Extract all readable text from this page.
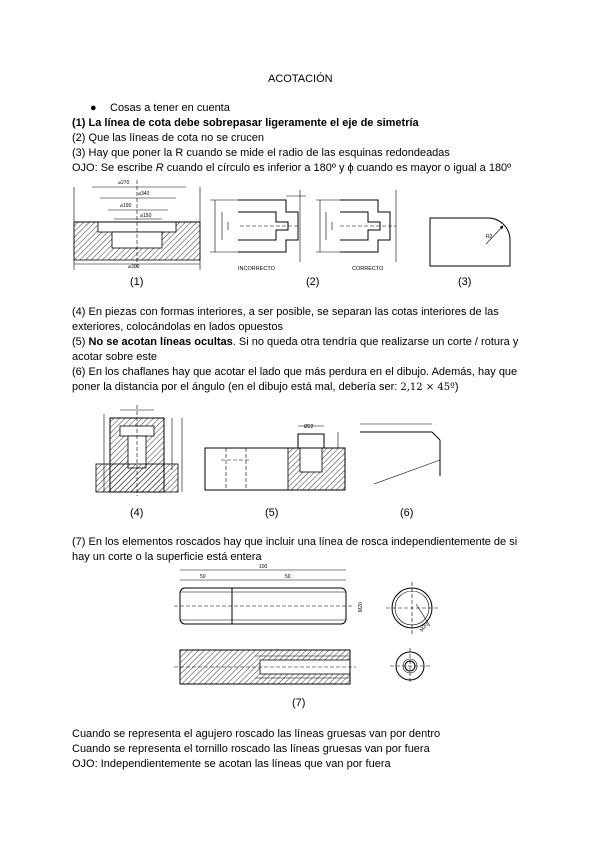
ACOTACIÓN
● Cosas a tener en cuenta
(1) La línea de cota debe sobrepasar ligeramente el eje de simetría
(2) Que las líneas de cota no se crucen
(3) Hay que poner la R cuando se mide el radio de las esquinas redondeadas
OJO: Se escribe R cuando el círculo es inferior a 180º y ϕ cuando es mayor o igual a 180º
⌀270
⌀340
⌀190
⌀150
⌀300	INCORRECTO	CORRECTO
R2
Ø22
100
50	50
M20
M20
(1)	(2)	(3)
(4) En piezas con formas interiores, a ser posible, se separan las cotas interiores de las
exteriores, colocándolas en lados opuestos
(5) No se acotan líneas ocultas. Si no queda otra tendría que realizarse un corte / rotura y
acotar sobre este
(6) En los chaflanes hay que acotar el lado que más perdura en el dibujo. Además, hay que
poner la distancia por el ángulo (en el dibujo está mal, debería ser: 2,12 × 45º)
(4)	(5)	(6)
(7) En los elementos roscados hay que incluir una línea de rosca independientemente de si
hay un corte o la superficie está entera
(7)
Cuando se representa el agujero roscado las líneas gruesas van por dentro
Cuando se representa el tornillo roscado las líneas gruesas van por fuera
OJO: Independientemente se acotan las líneas que van por fuera
